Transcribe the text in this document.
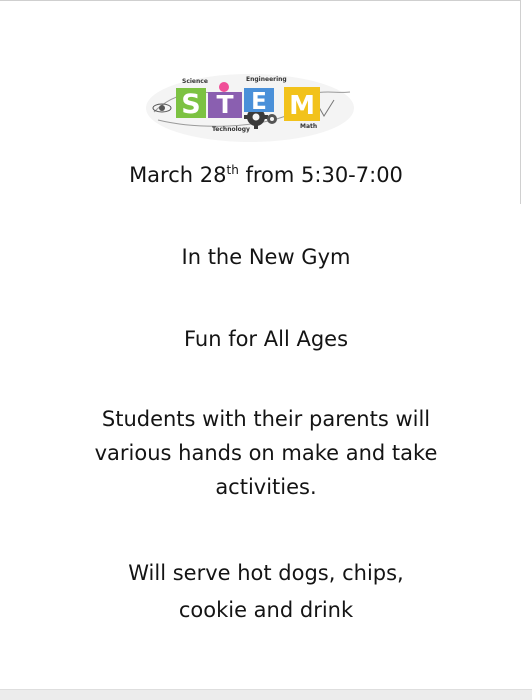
S T E M
Science	Engineering
Technology	Math
March 28th from 5:30-7:00
In the New Gym
Fun for All Ages
Students with their parents will
various hands on make and take
activities.
Will serve hot dogs, chips,
cookie and drink
